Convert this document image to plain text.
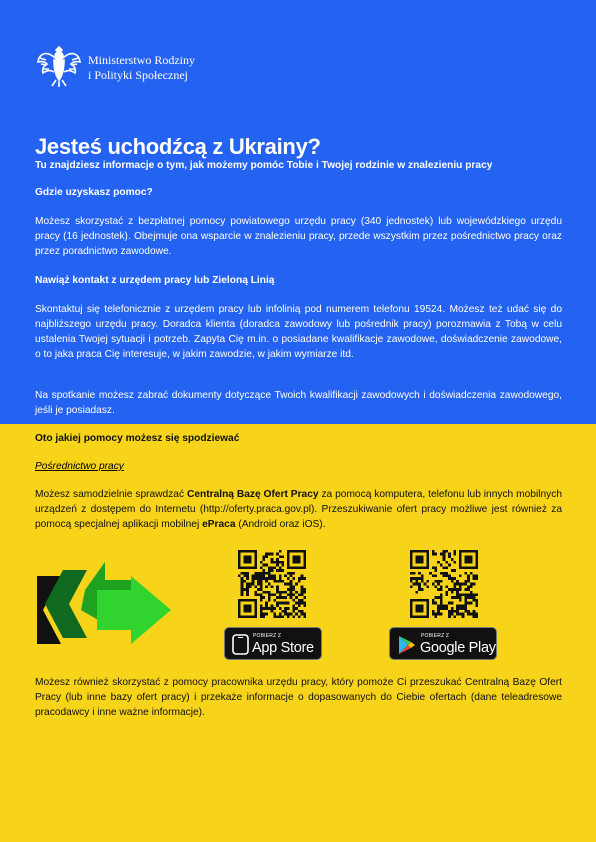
Ministerstwo Rodziny
i Polityki Społecznej
Jesteś uchodźcą z Ukrainy?
Tu znajdziesz informacje o tym, jak możemy pomóc Tobie i Twojej rodzinie w znalezieniu pracy
Gdzie uzyskasz pomoc?
Możesz skorzystać z bezpłatnej pomocy powiatowego urzędu pracy (340 jednostek) lub wojewódzkiego urzędu pracy (16 jednostek). Obejmuje ona wsparcie w znalezieniu pracy, przede wszystkim przez pośrednictwo pracy oraz przez poradnictwo zawodowe.
Nawiąż kontakt z urzędem pracy lub Zieloną Linią
Skontaktuj się telefonicznie z urzędem pracy lub infolinią pod numerem telefonu 19524. Możesz też udać się do najbliższego urzędu pracy. Doradca klienta (doradca zawodowy lub pośrednik pracy) porozmawia z Tobą w celu ustalenia Twojej sytuacji i potrzeb. Zapyta Cię m.in. o posiadane kwalifikacje zawodowe, doświadczenie zawodowe, o to jaka praca Cię interesuje, w jakim zawodzie, w jakim wymiarze itd.
Na spotkanie możesz zabrać dokumenty dotyczące Twoich kwalifikacji zawodowych i doświadczenia zawodowego, jeśli je posiadasz.
Oto jakiej pomocy możesz się spodziewać
Pośrednictwo pracy
Możesz samodzielnie sprawdzać Centralną Bazę Ofert Pracy za pomocą komputera, telefonu lub innych mobilnych urządzeń z dostępem do Internetu (http://oferty.praca.gov.pl). Przeszukiwanie ofert pracy możliwe jest również za pomocą specjalnej aplikacji mobilnej ePraca (Android oraz iOS).
POBIERZ Z
App Store
POBIERZ Z
Google Play
Możesz również skorzystać z pomocy pracownika urzędu pracy, który pomoże Ci przeszukać Centralną Bazę Ofert Pracy (lub inne bazy ofert pracy) i przekaże informacje o dopasowanych do Ciebie ofertach (dane teleadresowe pracodawcy i inne ważne informacje).
